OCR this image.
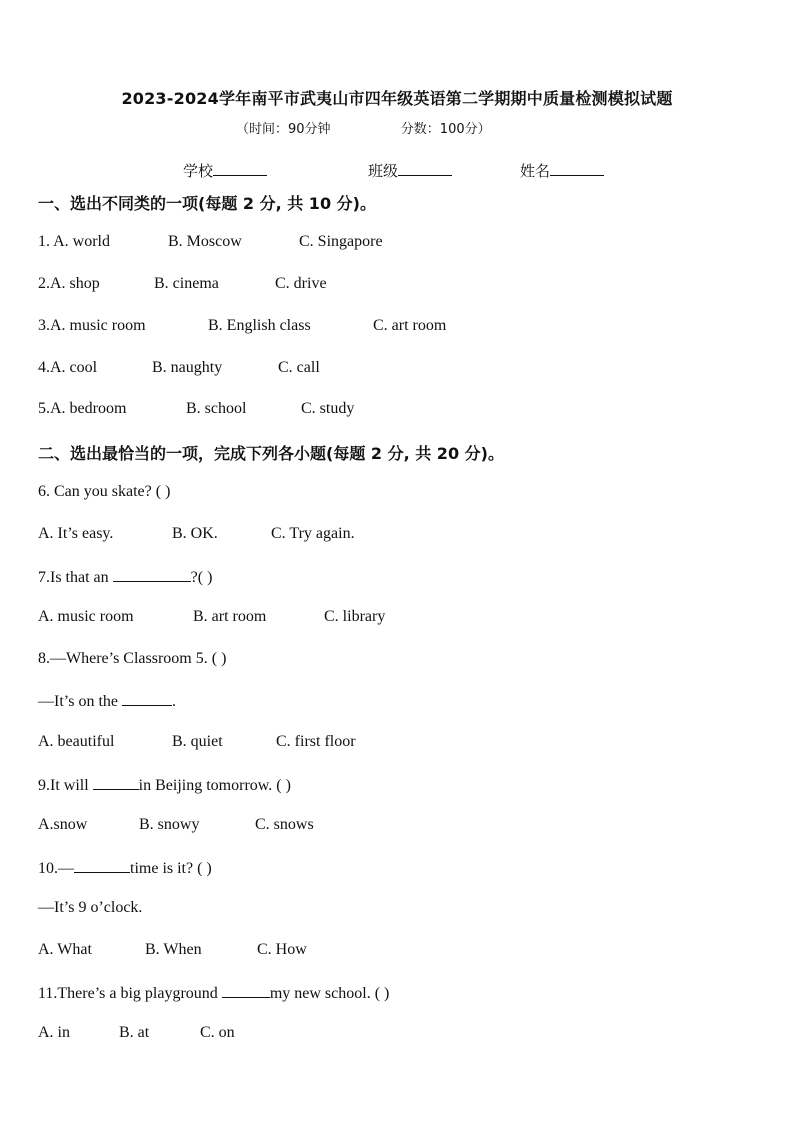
2023-2024学年南平市武夷山市四年级英语第二学期期中质量检测模拟试题
（时间：90分钟                 分数：100分）
学校	班级	姓名
一、选出不同类的一项(每题 2 分, 共 10 分)。
1. A. world	B. Moscow	C. Singapore
2.A. shop	B. cinema	C. drive
3.A. music room	B. English class	C. art room
4.A. cool	B. naughty	C. call
5.A. bedroom	B. school	C. study
二、选出最恰当的一项，完成下列各小题(每题 2 分, 共 20 分)。
6. Can you skate? ( )
A. It’s easy.	B. OK.	C. Try again.
7.Is that an	?( )
A. music room	B. art room	C. library
8.—Where’s Classroom 5. ( )
—It’s on the	.
A. beautiful	B. quiet	C. first floor
9.It will	in Beijing tomorrow. ( )
A.snow	B. snowy	C. snows
10.—	time is it? ( )
—It’s 9 o’clock.
A. What	B. When	C. How
11.There’s a big playground	my new school. ( )
A. in	B. at	C. on
